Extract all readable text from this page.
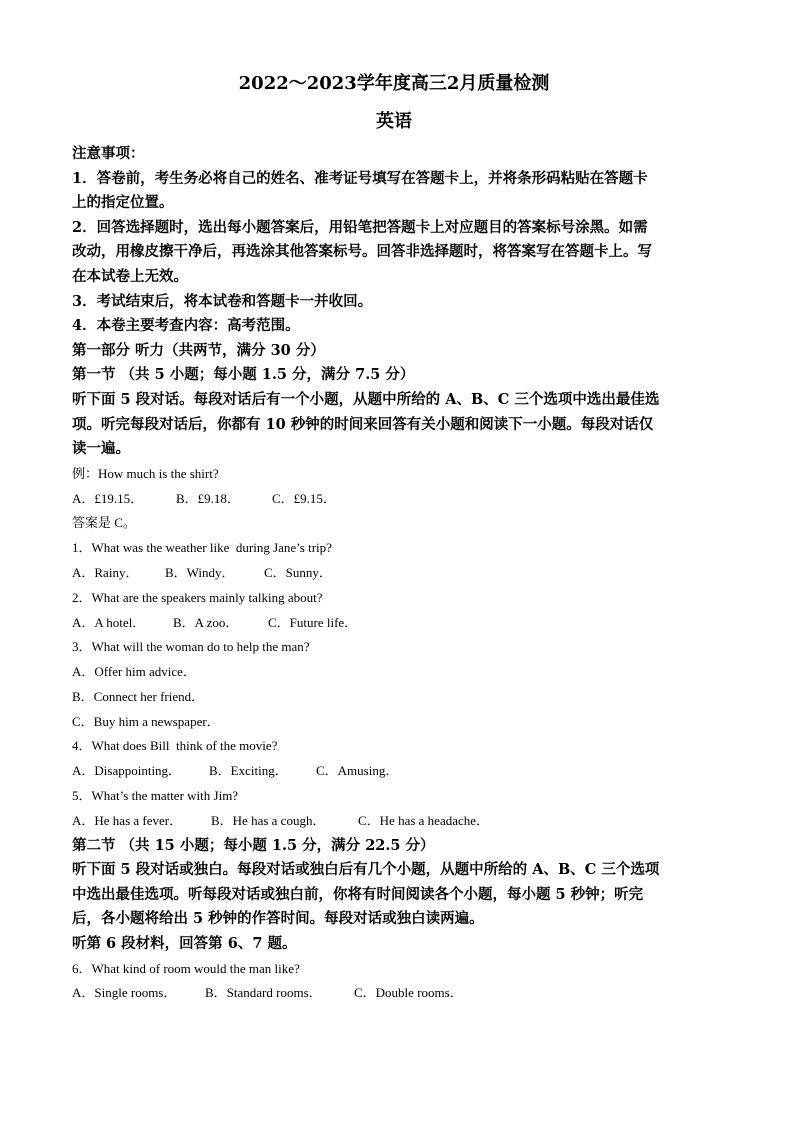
2022～2023学年度高三2月质量检测
英语

注意事项：

1．答卷前，考生务必将自己的姓名、准考证号填写在答题卡上，并将条形码粘贴在答题卡

上的指定位置。

2．回答选择题时，选出每小题答案后，用铅笔把答题卡上对应题目的答案标号涂黑。如需

改动，用橡皮擦干净后，再选涂其他答案标号。回答非选择题时，将答案写在答题卡上。写

在本试卷上无效。

3．考试结束后，将本试卷和答题卡一并收回。

4．本卷主要考查内容：高考范围。

第一部分 听力（共两节，满分 30 分）

第一节 （共 5 小题；每小题 1.5 分，满分 7.5 分）

听下面 5 段对话。每段对话后有一个小题，从题中所给的 A、B、C 三个选项中选出最佳选

项。听完每段对话后，你都有 10 秒钟的时间来回答有关小题和阅读下一小题。每段对话仅

读一遍。

例：How much is the shirt?

A．£19.15．	B．£9.18．	C．£9.15．

答案是 C。

1．What was the weather like  during Jane’s trip?

A．Rainy．	B．Windy．	C．Sunny．

2．What are the speakers mainly talking about?

A．A hotel．	B．A zoo．	C．Future life．

3．What will the woman do to help the man?

A．Offer him advice．

B．Connect her friend．

C．Buy him a newspaper．

4．What does Bill  think of the movie?

A．Disappointing．	B．Exciting．	C．Amusing．

5．What’s the matter with Jim?

A．He has a fever．	B．He has a cough．	C．He has a headache．

第二节 （共 15 小题；每小题 1.5 分，满分 22.5 分）

听下面 5 段对话或独白。每段对话或独白后有几个小题，从题中所给的 A、B、C 三个选项

中选出最佳选项。听每段对话或独白前，你将有时间阅读各个小题，每小题 5 秒钟；听完

后，各小题将给出 5 秒钟的作答时间。每段对话或独白读两遍。

听第 6 段材料，回答第 6、7 题。

6．What kind of room would the man like?

A．Single rooms．	B．Standard rooms．	C．Double rooms．
